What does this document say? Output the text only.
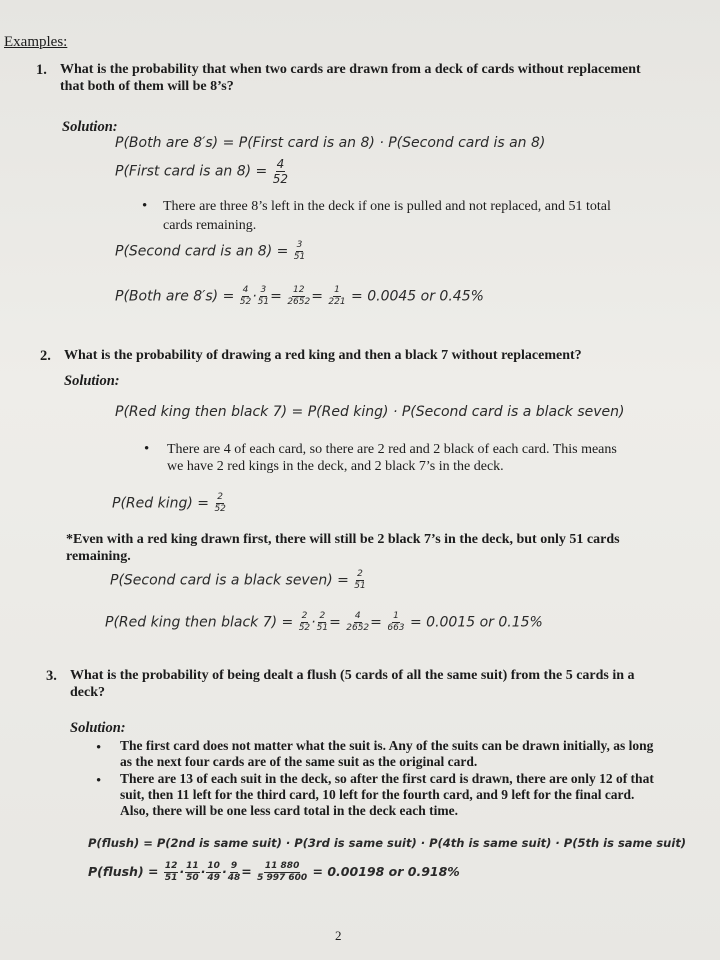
Examples:
1. What is the probability that when two cards are drawn from a deck of cards without replacement
that both of them will be 8’s?
Solution:
P(Both are 8′s) = P(First card is an 8) · P(Second card is an 8)
P(First card is an $8) = \frac{4}{52}$
• There are three 8’s left in the deck if one is pulled and not replaced, and 51 total
cards remaining.
P(Second card is an $8) = \frac{3}{51}$
P(Both are $8's) = \frac{4}{52} \cdot \frac{3}{51} = \frac{12}{2652} = \frac{1}{221} = 0.0045$ or 0.45%
2. What is the probability of drawing a red king and then a black 7 without replacement?
Solution:
P(Red king then black 7) = P(Red king) · P(Second card is a black seven)
• There are 4 of each card, so there are 2 red and 2 black of each card. This means
we have 2 red kings in the deck, and 2 black 7’s in the deck.
P(Red king) = $\frac{2}{52}$
*Even with a red king drawn first, there will still be 2 black 7’s in the deck, but only 51 cards
remaining.
P(Second card is a black seven) = $\frac{2}{51}$
P(Red king then black $7) = \frac{2}{52} \cdot \frac{2}{51} = \frac{4}{2652} = \frac{1}{663} = 0.0015$ or 0.15%
3. What is the probability of being dealt a flush (5 cards of all the same suit) from the 5 cards in a
deck?
Solution:
• The first card does not matter what the suit is. Any of the suits can be drawn initially, as long as the next four cards are of the same suit as the original card.
• There are 13 of each suit in the deck, so after the first card is drawn, there are only 12 of that suit, then 11 left for the third card, 10 left for the fourth card, and 9 left for the final card. Also, there will be one less card total in the deck each time.
P(flush) = P(2nd is same suit) · P(3rd is same suit) · P(4th is same suit) · P(5th is same suit)
P(flush) = $\frac{12}{51} \cdot \frac{11}{50} \cdot \frac{10}{49} \cdot \frac{9}{48} = \frac{11 880}{5 997 600} = 0.00198$ or 0.918%
2
